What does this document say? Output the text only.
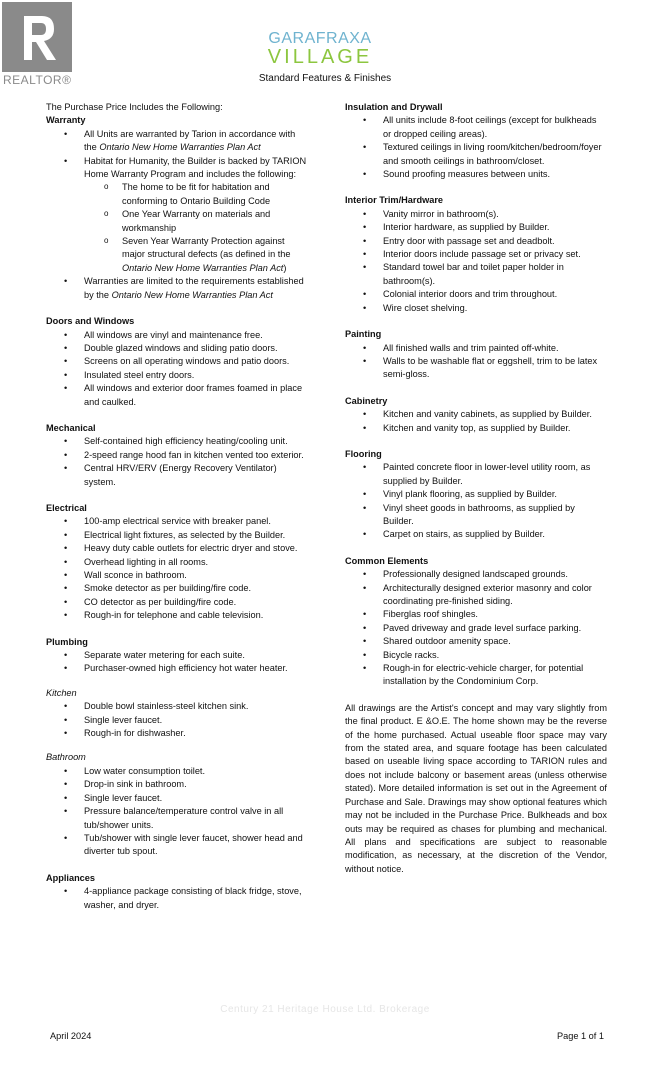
REALTOR®
GARAFRAXA
VILLAGE
Standard Features & Finishes

The Purchase Price Includes the Following:

Warranty
• All Units are warranted by Tarion in accordance with the Ontario New Home Warranties Plan Act
• Habitat for Humanity, the Builder is backed by TARION Home Warranty Program and includes the following:
o The home to be fit for habitation and conforming to Ontario Building Code
o One Year Warranty on materials and workmanship
o Seven Year Warranty Protection against major structural defects (as defined in the Ontario New Home Warranties Plan Act)
• Warranties are limited to the requirements established by the Ontario New Home Warranties Plan Act
Doors and Windows
• All windows are vinyl and maintenance free.
• Double glazed windows and sliding patio doors.
• Screens on all operating windows and patio doors.
• Insulated steel entry doors.
• All windows and exterior door frames foamed in place and caulked.
Mechanical
• Self-contained high efficiency heating/cooling unit.
• 2-speed range hood fan in kitchen vented too exterior.
• Central HRV/ERV (Energy Recovery Ventilator) system.
Electrical
• 100-amp electrical service with breaker panel.
• Electrical light fixtures, as selected by the Builder.
• Heavy duty cable outlets for electric dryer and stove.
• Overhead lighting in all rooms.
• Wall sconce in bathroom.
• Smoke detector as per building/fire code.
• CO detector as per building/fire code.
• Rough-in for telephone and cable television.
Plumbing
• Separate water metering for each suite.
• Purchaser-owned high efficiency hot water heater.
Kitchen
• Double bowl stainless-steel kitchen sink.
• Single lever faucet.
• Rough-in for dishwasher.
Bathroom
• Low water consumption toilet.
• Drop-in sink in bathroom.
• Single lever faucet.
• Pressure balance/temperature control valve in all tub/shower units.
• Tub/shower with single lever faucet, shower head and diverter tub spout.
Appliances
• 4-appliance package consisting of black fridge, stove, washer, and dryer.
Insulation and Drywall
• All units include 8-foot ceilings (except for bulkheads or dropped ceiling areas).
• Textured ceilings in living room/kitchen/bedroom/foyer and smooth ceilings in bathroom/closet.
• Sound proofing measures between units.
Interior Trim/Hardware
• Vanity mirror in bathroom(s).
• Interior hardware, as supplied by Builder.
• Entry door with passage set and deadbolt.
• Interior doors include passage set or privacy set.
• Standard towel bar and toilet paper holder in bathroom(s).
• Colonial interior doors and trim throughout.
• Wire closet shelving.
Painting
• All finished walls and trim painted off-white.
• Walls to be washable flat or eggshell, trim to be latex semi-gloss.
Cabinetry
• Kitchen and vanity cabinets, as supplied by Builder.
• Kitchen and vanity top, as supplied by Builder.
Flooring
• Painted concrete floor in lower-level utility room, as supplied by Builder.
• Vinyl plank flooring, as supplied by Builder.
• Vinyl sheet goods in bathrooms, as supplied by Builder.
• Carpet on stairs, as supplied by Builder.
Common Elements
• Professionally designed landscaped grounds.
• Architecturally designed exterior masonry and color coordinating pre-finished siding.
• Fiberglas roof shingles.
• Paved driveway and grade level surface parking.
• Shared outdoor amenity space.
• Bicycle racks.
• Rough-in for electric-vehicle charger, for potential installation by the Condominium Corp.

All drawings are the Artist's concept and may vary slightly from the final product. E &O.E. The home shown may be the reverse of the home purchased. Actual useable floor space may vary from the stated area, and square footage has been calculated based on useable living space according to TARION rules and does not include balcony or basement areas (unless otherwise stated). More detailed information is set out in the Agreement of Purchase and Sale. Drawings may show optional features which may not be included in the Purchase Price. Bulkheads and box outs may be required as chases for plumbing and mechanical. All plans and specifications are subject to reasonable modification, as necessary, at the discretion of the Vendor, without notice.

Century 21 Heritage House Ltd. Brokerage
April 2024	Page 1 of 1
